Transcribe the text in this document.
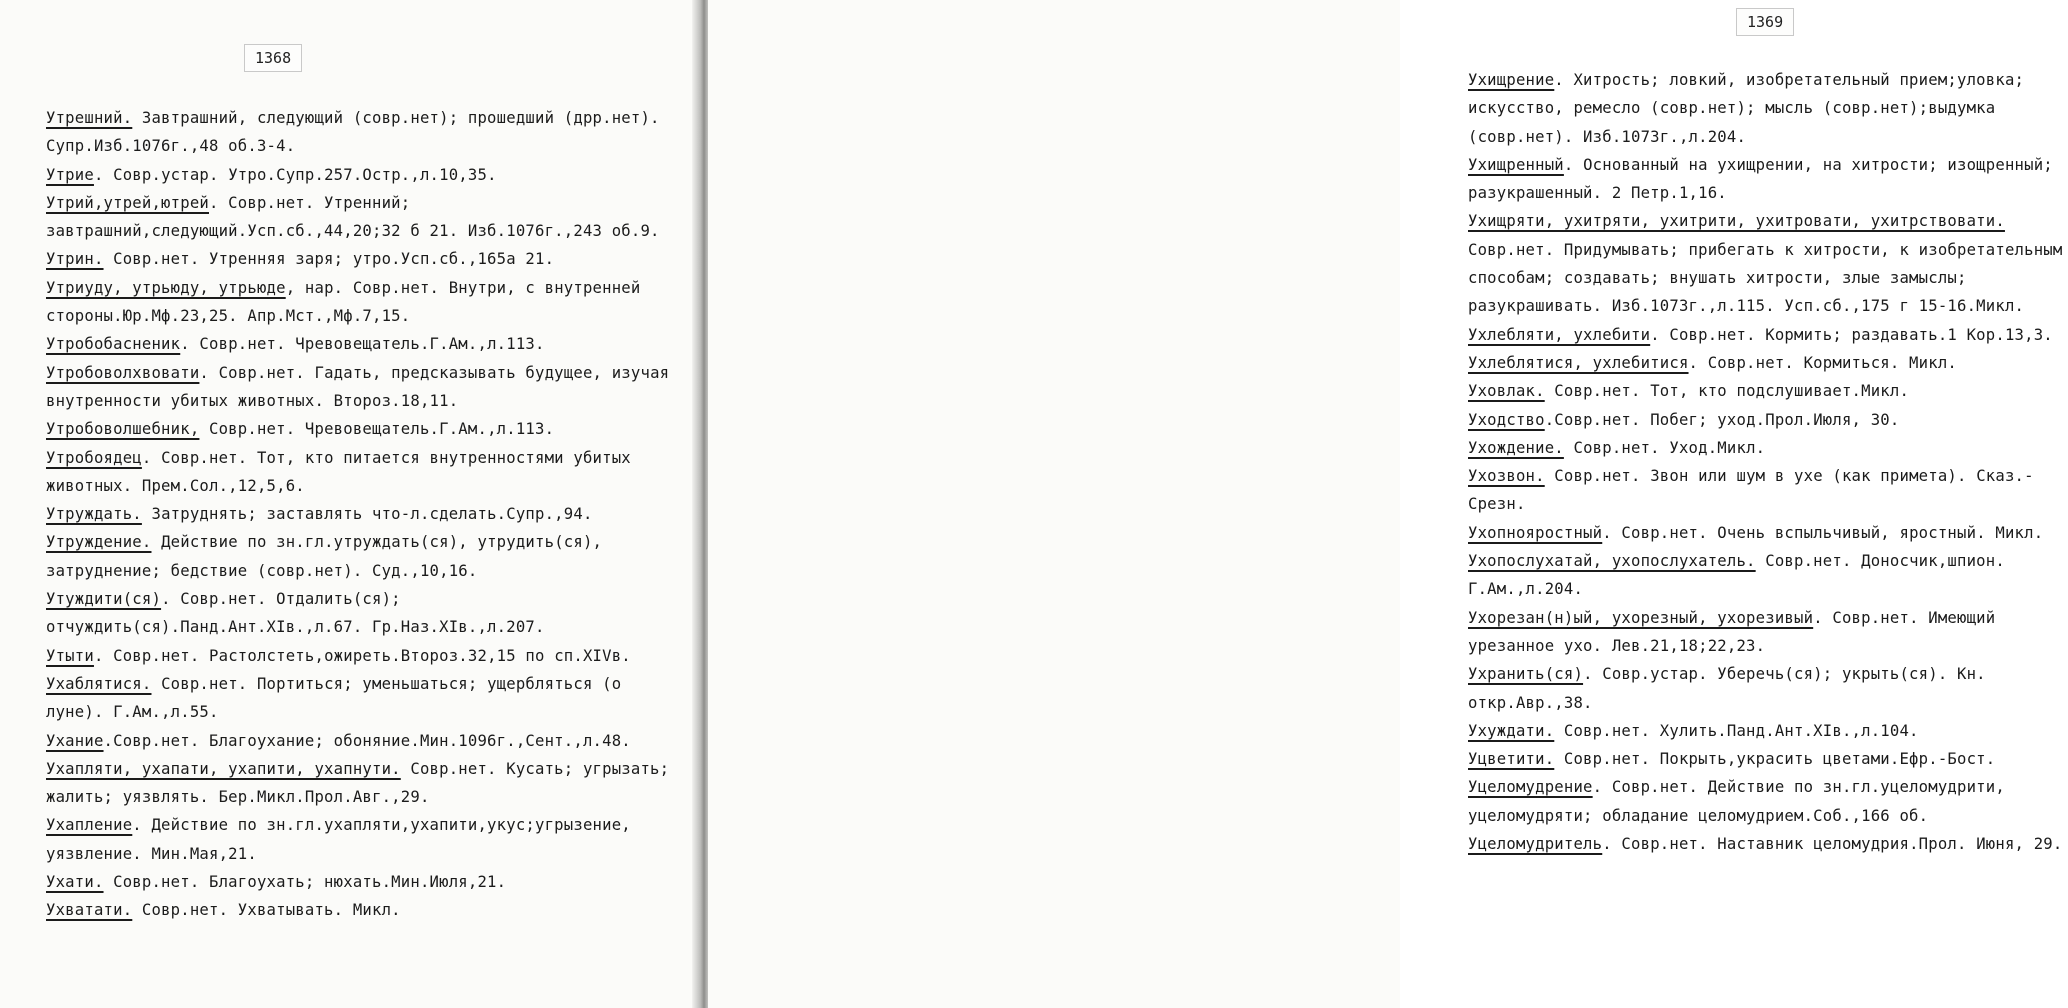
1368
Утрешний. Завтрашний, следующий (совр.нет); прошедший (дрр.нет). Супр.Изб.1076г.,48 об.3-4.
Утрие. Совр.устар. Утро.Супр.257.Остр.,л.10,35.
Утрий,утрей,ютрей. Совр.нет. Утренний; завтрашний,следующий.Усп.сб.,44,20;32 б 21. Изб.1076г.,243 об.9.
Утрин. Совр.нет. Утренняя заря; утро.Усп.сб.,165а 21.
Утриуду, утрьюду, утрьюде, нар. Совр.нет. Внутри, с внутренней стороны.Юр.Мф.23,25. Апр.Мст.,Мф.7,15.
Утробобасненик. Совр.нет. Чревовещатель.Г.Ам.,л.113.
Утробоволхвовати. Совр.нет. Гадать, предсказывать будущее, изучая внутренности убитых животных. Второз.18,11.
Утробоволшебник, Совр.нет. Чревовещатель.Г.Ам.,л.113.
Утробоядец. Совр.нет. Тот, кто питается внутренностями убитых животных. Прем.Сол.,12,5,6.
Утруждать. Затруднять; заставлять что-л.сделать.Супр.,94.
Утруждение. Действие по зн.гл.утруждать(ся), утрудить(ся), затруднение; бедствие (совр.нет). Суд.,10,16.
Утуждити(ся). Совр.нет. Отдалить(ся); отчуждить(ся).Панд.Ант.XIв.,л.67. Гр.Наз.XIв.,л.207.
Утыти. Совр.нет. Растолстеть,ожиреть.Второз.32,15 по сп.XIVв.
Ухаблятися. Совр.нет. Портиться; уменьшаться; ущербляться (о луне). Г.Ам.,л.55.
Ухание.Совр.нет. Благоухание; обоняние.Мин.1096г.,Сент.,л.48.
Ухапляти, ухапати, ухапити, ухапнути. Совр.нет. Кусать; угрызать; жалить; уязвлять. Бер.Микл.Прол.Авг.,29.
Ухапление. Действие по зн.гл.ухапляти,ухапити,укус;угрызение, уязвление. Мин.Мая,21.
Ухати. Совр.нет. Благоухать; нюхать.Мин.Июля,21.
Ухватати. Совр.нет. Ухватывать. Микл.
1369
Ухищрение. Хитрость; ловкий, изобретательный прием;уловка; искусство, ремесло (совр.нет); мысль (совр.нет);выдумка (совр.нет). Изб.1073г.,л.204.
Ухищренный. Основанный на ухищрении, на хитрости; изощренный; разукрашенный. 2 Петр.1,16.
Ухищряти, ухитряти, ухитрити, ухитровати, ухитрствовати. Совр.нет. Придумывать; прибегать к хитрости, к изобретательным способам; создавать; внушать хитрости, злые замыслы; разукрашивать. Изб.1073г.,л.115. Усп.сб.,175 г 15-16.Микл.
Ухлебляти, ухлебити. Совр.нет. Кормить; раздавать.1 Кор.13,3.
Ухлеблятися, ухлебитися. Совр.нет. Кормиться. Микл.
Уховлак. Совр.нет. Тот, кто подслушивает.Микл.
Уходство.Совр.нет. Побег; уход.Прол.Июля, 30.
Ухождение. Совр.нет. Уход.Микл.
Ухозвон. Совр.нет. Звон или шум в ухе (как примета). Сказ.-Срезн.
Ухопнояростный. Совр.нет. Очень вспыльчивый, яростный. Микл.
Ухопослухатай, ухопослухатель. Совр.нет. Доносчик,шпион. Г.Ам.,л.204.
Ухорезан(н)ый, ухорезный, ухорезивый. Совр.нет. Имеющий урезанное ухо. Лев.21,18;22,23.
Ухранить(ся). Совр.устар. Уберечь(ся); укрыть(ся). Кн. откр.Авр.,38.
Ухуждати. Совр.нет. Хулить.Панд.Ант.XIв.,л.104.
Уцветити. Совр.нет. Покрыть,украсить цветами.Ефр.-Бост.
Уцеломудрение. Совр.нет. Действие по зн.гл.уцеломудрити, уцеломудряти; обладание целомудрием.Соб.,166 об.
Уцеломудритель. Совр.нет. Наставник целомудрия.Прол. Июня, 29.
